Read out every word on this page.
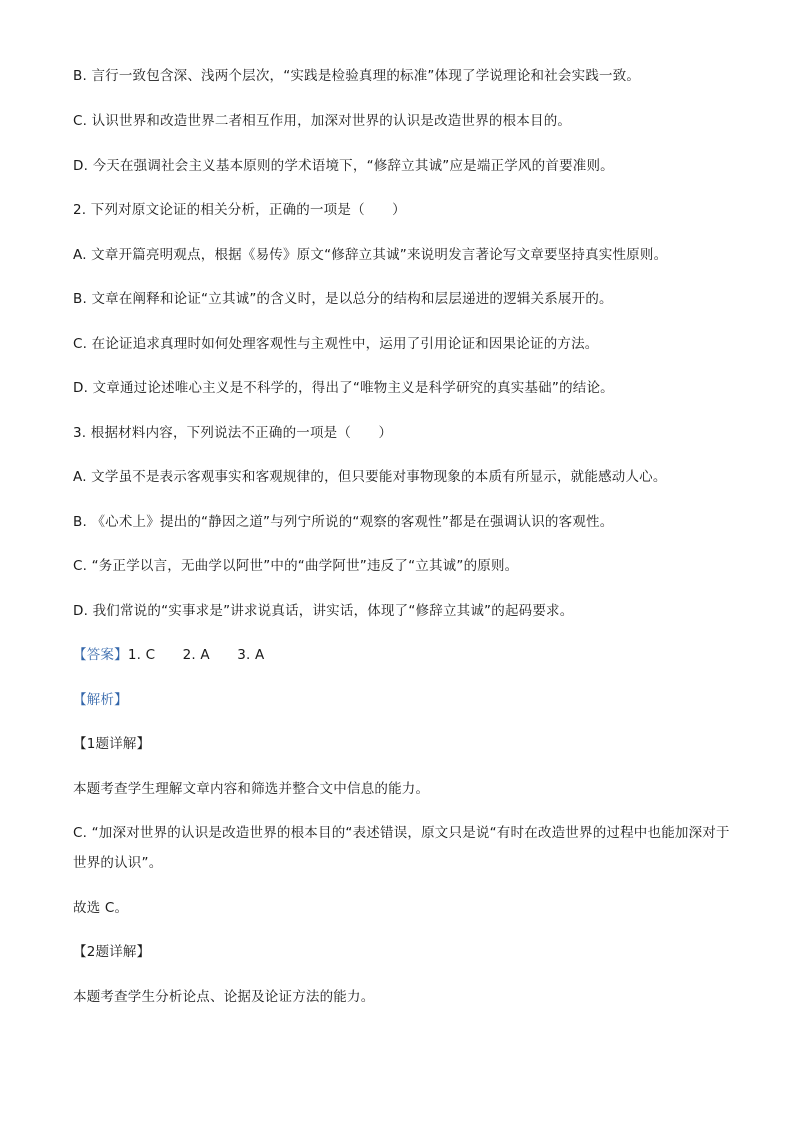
B. 言行一致包含深、浅两个层次，“实践是检验真理的标准”体现了学说理论和社会实践一致。
C. 认识世界和改造世界二者相互作用，加深对世界的认识是改造世界的根本目的。
D. 今天在强调社会主义基本原则的学术语境下，“修辞立其诚”应是端正学风的首要准则。
2. 下列对原文论证的相关分析，正确的一项是（　　）
A. 文章开篇亮明观点，根据《易传》原文“修辞立其诚”来说明发言著论写文章要坚持真实性原则。
B. 文章在阐释和论证“立其诚”的含义时，是以总分的结构和层层递进的逻辑关系展开的。
C. 在论证追求真理时如何处理客观性与主观性中，运用了引用论证和因果论证的方法。
D. 文章通过论述唯心主义是不科学的，得出了“唯物主义是科学研究的真实基础”的结论。
3. 根据材料内容，下列说法不正确的一项是（　　）
A. 文学虽不是表示客观事实和客观规律的，但只要能对事物现象的本质有所显示，就能感动人心。
B. 《心术上》提出的“静因之道”与列宁所说的“观察的客观性”都是在强调认识的客观性。
C. “务正学以言，无曲学以阿世”中的“曲学阿世”违反了“立其诚”的原则。
D. 我们常说的“实事求是”讲求说真话，讲实话，体现了“修辞立其诚”的起码要求。
【答案】1. C　　2. A　　3. A
【解析】
【1题详解】
本题考查学生理解文章内容和筛选并整合文中信息的能力。
C. “加深对世界的认识是改造世界的根本目的“表述错误，原文只是说“有时在改造世界的过程中也能加深对于世界的认识”。
故选 C。
【2题详解】
本题考查学生分析论点、论据及论证方法的能力。
